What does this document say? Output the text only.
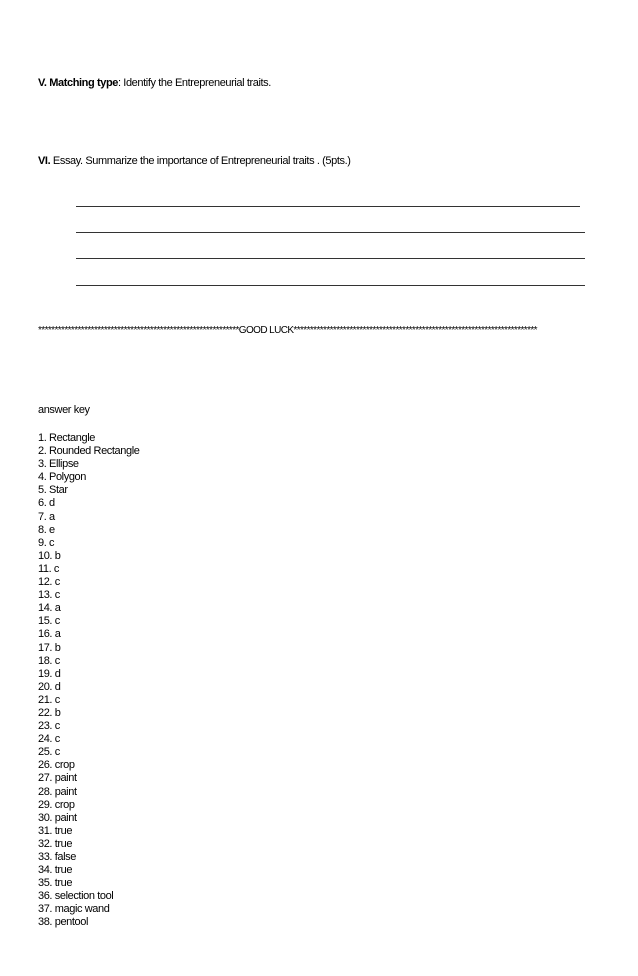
V. Matching type: Identify the Entrepreneurial traits.
VI. Essay. Summarize the importance of Entrepreneurial traits . (5pts.)
*************************************************************GOOD LUCK**************************************************************************
answer key
1. Rectangle
2. Rounded Rectangle
3. Ellipse
4. Polygon
5. Star
6. d
7. a
8. e
9. c
10. b
11. c
12. c
13. c
14. a
15. c
16. a
17. b
18. c
19. d
20. d
21. c
22. b
23. c
24. c
25. c
26. crop
27. paint
28. paint
29. crop
30. paint
31. true
32. true
33. false
34. true
35. true
36. selection tool
37. magic wand
38. pentool
